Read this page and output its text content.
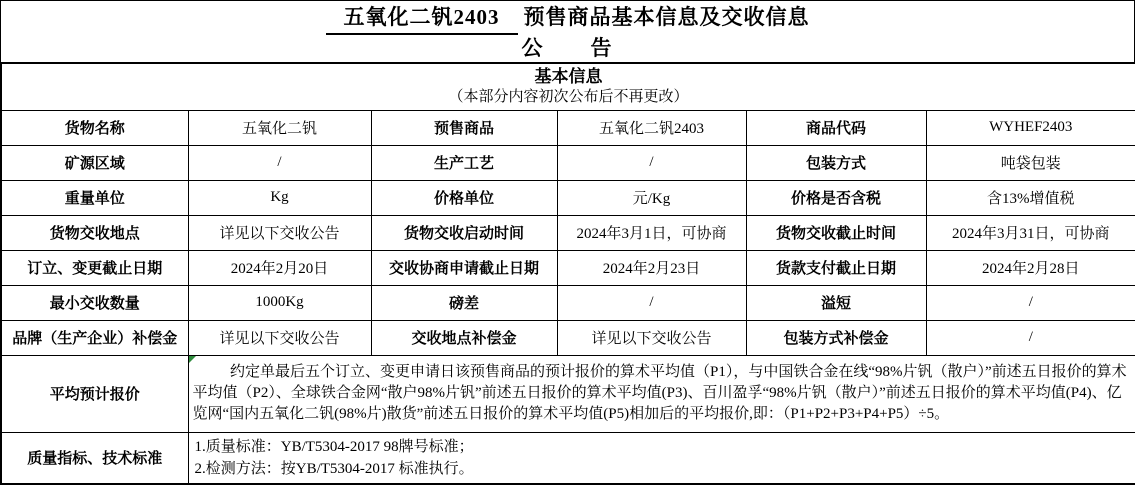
五氧化二钒2403 预售商品基本信息及交收信息
公　　告
基本信息
（本部分内容初次公布后不再更改）					

货物名称	五氧化二钒	预售商品	五氧化二钒2403	商品代码	WYHEF2403
矿源区域	/	生产工艺	/	包装方式	吨袋包装
重量单位	Kg	价格单位	元/Kg	价格是否含税	含13%增值税
货物交收地点	详见以下交收公告	货物交收启动时间	2024年3月1日，可协商	货物交收截止时间	2024年3月31日，可协商
订立、变更截止日期	2024年2月20日	交收协商申请截止日期	2024年2月23日	货款支付截止日期	2024年2月28日
最小交收数量	1000Kg	磅差	/	溢短	/
品牌（生产企业）补偿金	详见以下交收公告	交收地点补偿金	详见以下交收公告	包装方式补偿金	/
平均预计报价	约定单最后五个订立、变更申请日该预售商品的预计报价的算术平均值（P1），与中国铁合金在线“98%片钒（散户）”前述五日报价的算术平均值（P2）、全球铁合金网“散户98%片钒”前述五日报价的算术平均值(P3)、百川盈孚“98%片钒（散户）”前述五日报价的算术平均值(P4)、亿览网“国内五氧化二钒(98%片)散货”前述五日报价的算术平均值(P5)相加后的平均报价,即：（P1+P2+P3+P4+P5）÷5。				
质量指标、技术标准	1.质量标准：YB/T5304-2017 98牌号标准；
2.检测方法：按YB/T5304-2017 标准执行。				
